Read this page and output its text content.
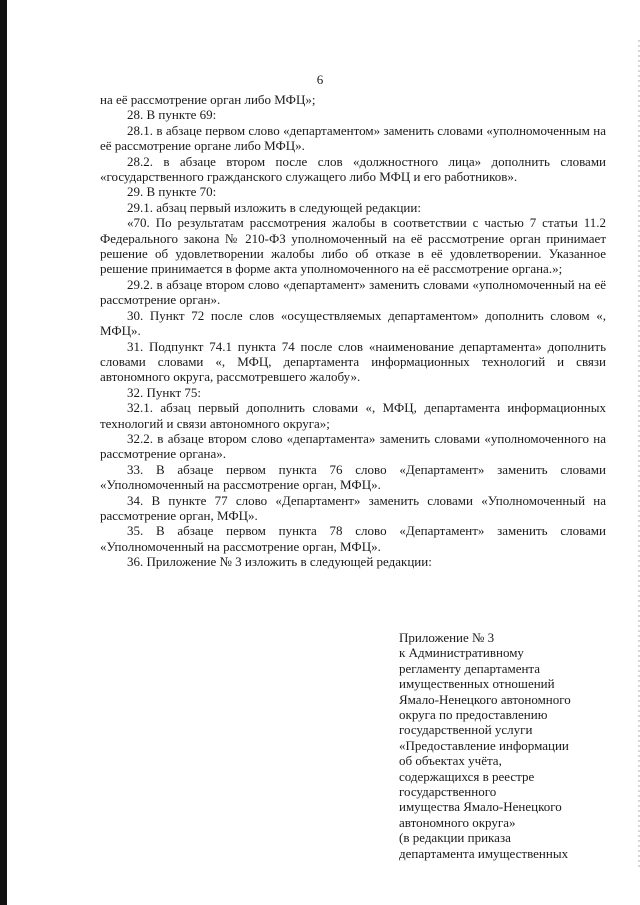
6

на её рассмотрение орган либо МФЦ»;

28. В пункте 69:

28.1. в абзаце первом слово «департаментом» заменить словами «уполномоченным на её рассмотрение органе либо МФЦ».

28.2. в абзаце втором после слов «должностного лица» дополнить словами «государственного гражданского служащего либо МФЦ и его работников».

29. В пункте 70:

29.1. абзац первый изложить в следующей редакции:

«70. По результатам рассмотрения жалобы в соответствии с частью 7 статьи 11.2 Федерального закона № 210-ФЗ уполномоченный на её рассмотрение орган принимает решение об удовлетворении жалобы либо об отказе в её удовлетворении. Указанное решение принимается в форме акта уполномоченного на её рассмотрение органа.»;

29.2. в абзаце втором слово «департамент» заменить словами «уполномоченный на её рассмотрение орган».

30. Пункт 72 после слов «осуществляемых департаментом» дополнить словом «, МФЦ».

31. Подпункт 74.1 пункта 74 после слов «наименование департамента» дополнить словами словами «, МФЦ, департамента информационных технологий и связи автономного округа, рассмотревшего жалобу».

32. Пункт 75:

32.1. абзац первый дополнить словами «, МФЦ, департамента информационных технологий и связи автономного округа»;

32.2. в абзаце втором слово «департамента» заменить словами «уполномоченного на рассмотрение органа».

33. В абзаце первом пункта 76 слово «Департамент» заменить словами «Уполномоченный на рассмотрение орган, МФЦ».

34. В пункте 77 слово «Департамент» заменить словами «Уполномоченный на рассмотрение орган, МФЦ».

35. В абзаце первом пункта 78 слово «Департамент» заменить словами «Уполномоченный на рассмотрение орган, МФЦ».

36. Приложение № 3 изложить в следующей редакции:

Приложение № 3
к Административному
регламенту департамента
имущественных отношений
Ямало-Ненецкого автономного
округа по предоставлению
государственной услуги
«Предоставление информации
об объектах учёта,
содержащихся в реестре
государственного
имущества Ямало-Ненецкого
автономного округа»
(в редакции приказа
департамента имущественных
